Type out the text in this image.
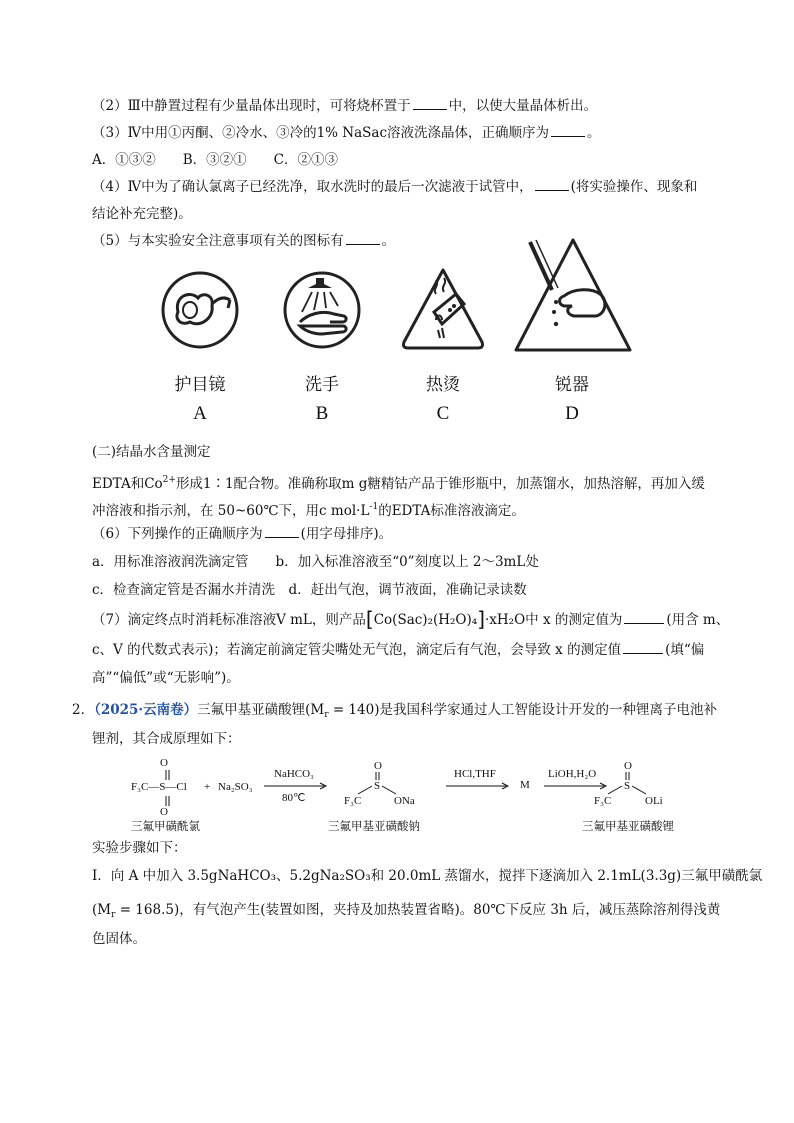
（2）Ⅲ中静置过程有少量晶体出现时，可将烧杯置于	中，以使大量晶体析出。
（3）Ⅳ中用①丙酮、②冷水、③冷的1% NaSac溶液洗涤晶体，正确顺序为	。
A．①③②　　B．③②①　　C．②①③
（4）Ⅳ中为了确认氯离子已经洗净，取水洗时的最后一次滤液于试管中，	(将实验操作、现象和
结论补充完整)。
（5）与本实验安全注意事项有关的图标有	。
护目镜	洗手	热烫	锐器
A	B	C	D
(二)结晶水含量测定
EDTA和$Co^{2+}$形成1∶1配合物。准确称取m g糖精钴产品于锥形瓶中，加蒸馏水，加热溶解，再加入缓
冲溶液和指示剂，在 50~60℃下，用c $mol\cdot L^{-1}$的EDTA标准溶液滴定。
（6）下列操作的正确顺序为	(用字母排序)。
a．用标准溶液润洗滴定管　　b．加入标准溶液至“0”刻度以上 2～3mL处
c．检查滴定管是否漏水并清洗　d．赶出气泡，调节液面，准确记录读数
（7）滴定终点时消耗标准溶液V mL，则产品[Co(Sac)₂(H₂O)₄]·xH₂O中 x 的测定值为	(用含 m、
c、V 的代数式表示)；若滴定前滴定管尖嘴处无气泡，滴定后有气泡，会导致 x 的测定值	(填“偏
高”“偏低”或“无影响”)。
2．（2025·云南卷）三氟甲基亚磺酸锂$(M_r = 140)$是我国科学家通过人工智能设计开发的一种锂离子电池补
锂剂，其合成原理如下：
O
F₃C—S—Cl
O
+ Na₂SO₃
NaHCO₃
80℃
O
S
F₃C	ONa
HCl,THF
M
LiOH,H₂O
O
S
F₃C	OLi
三氟甲磺酰氯	三氟甲基亚磺酸钠	三氟甲基亚磺酸锂
实验步骤如下：
Ⅰ．向 A 中加入 3.5gNaHCO₃、5.2gNa₂SO₃和 20.0mL 蒸馏水，搅拌下逐滴加入 2.1mL(3.3g)三氟甲磺酰氯
$(M_r = 168.5)$，有气泡产生(装置如图，夹持及加热装置省略)。80℃下反应 3h 后，减压蒸除溶剂得浅黄
色固体。
